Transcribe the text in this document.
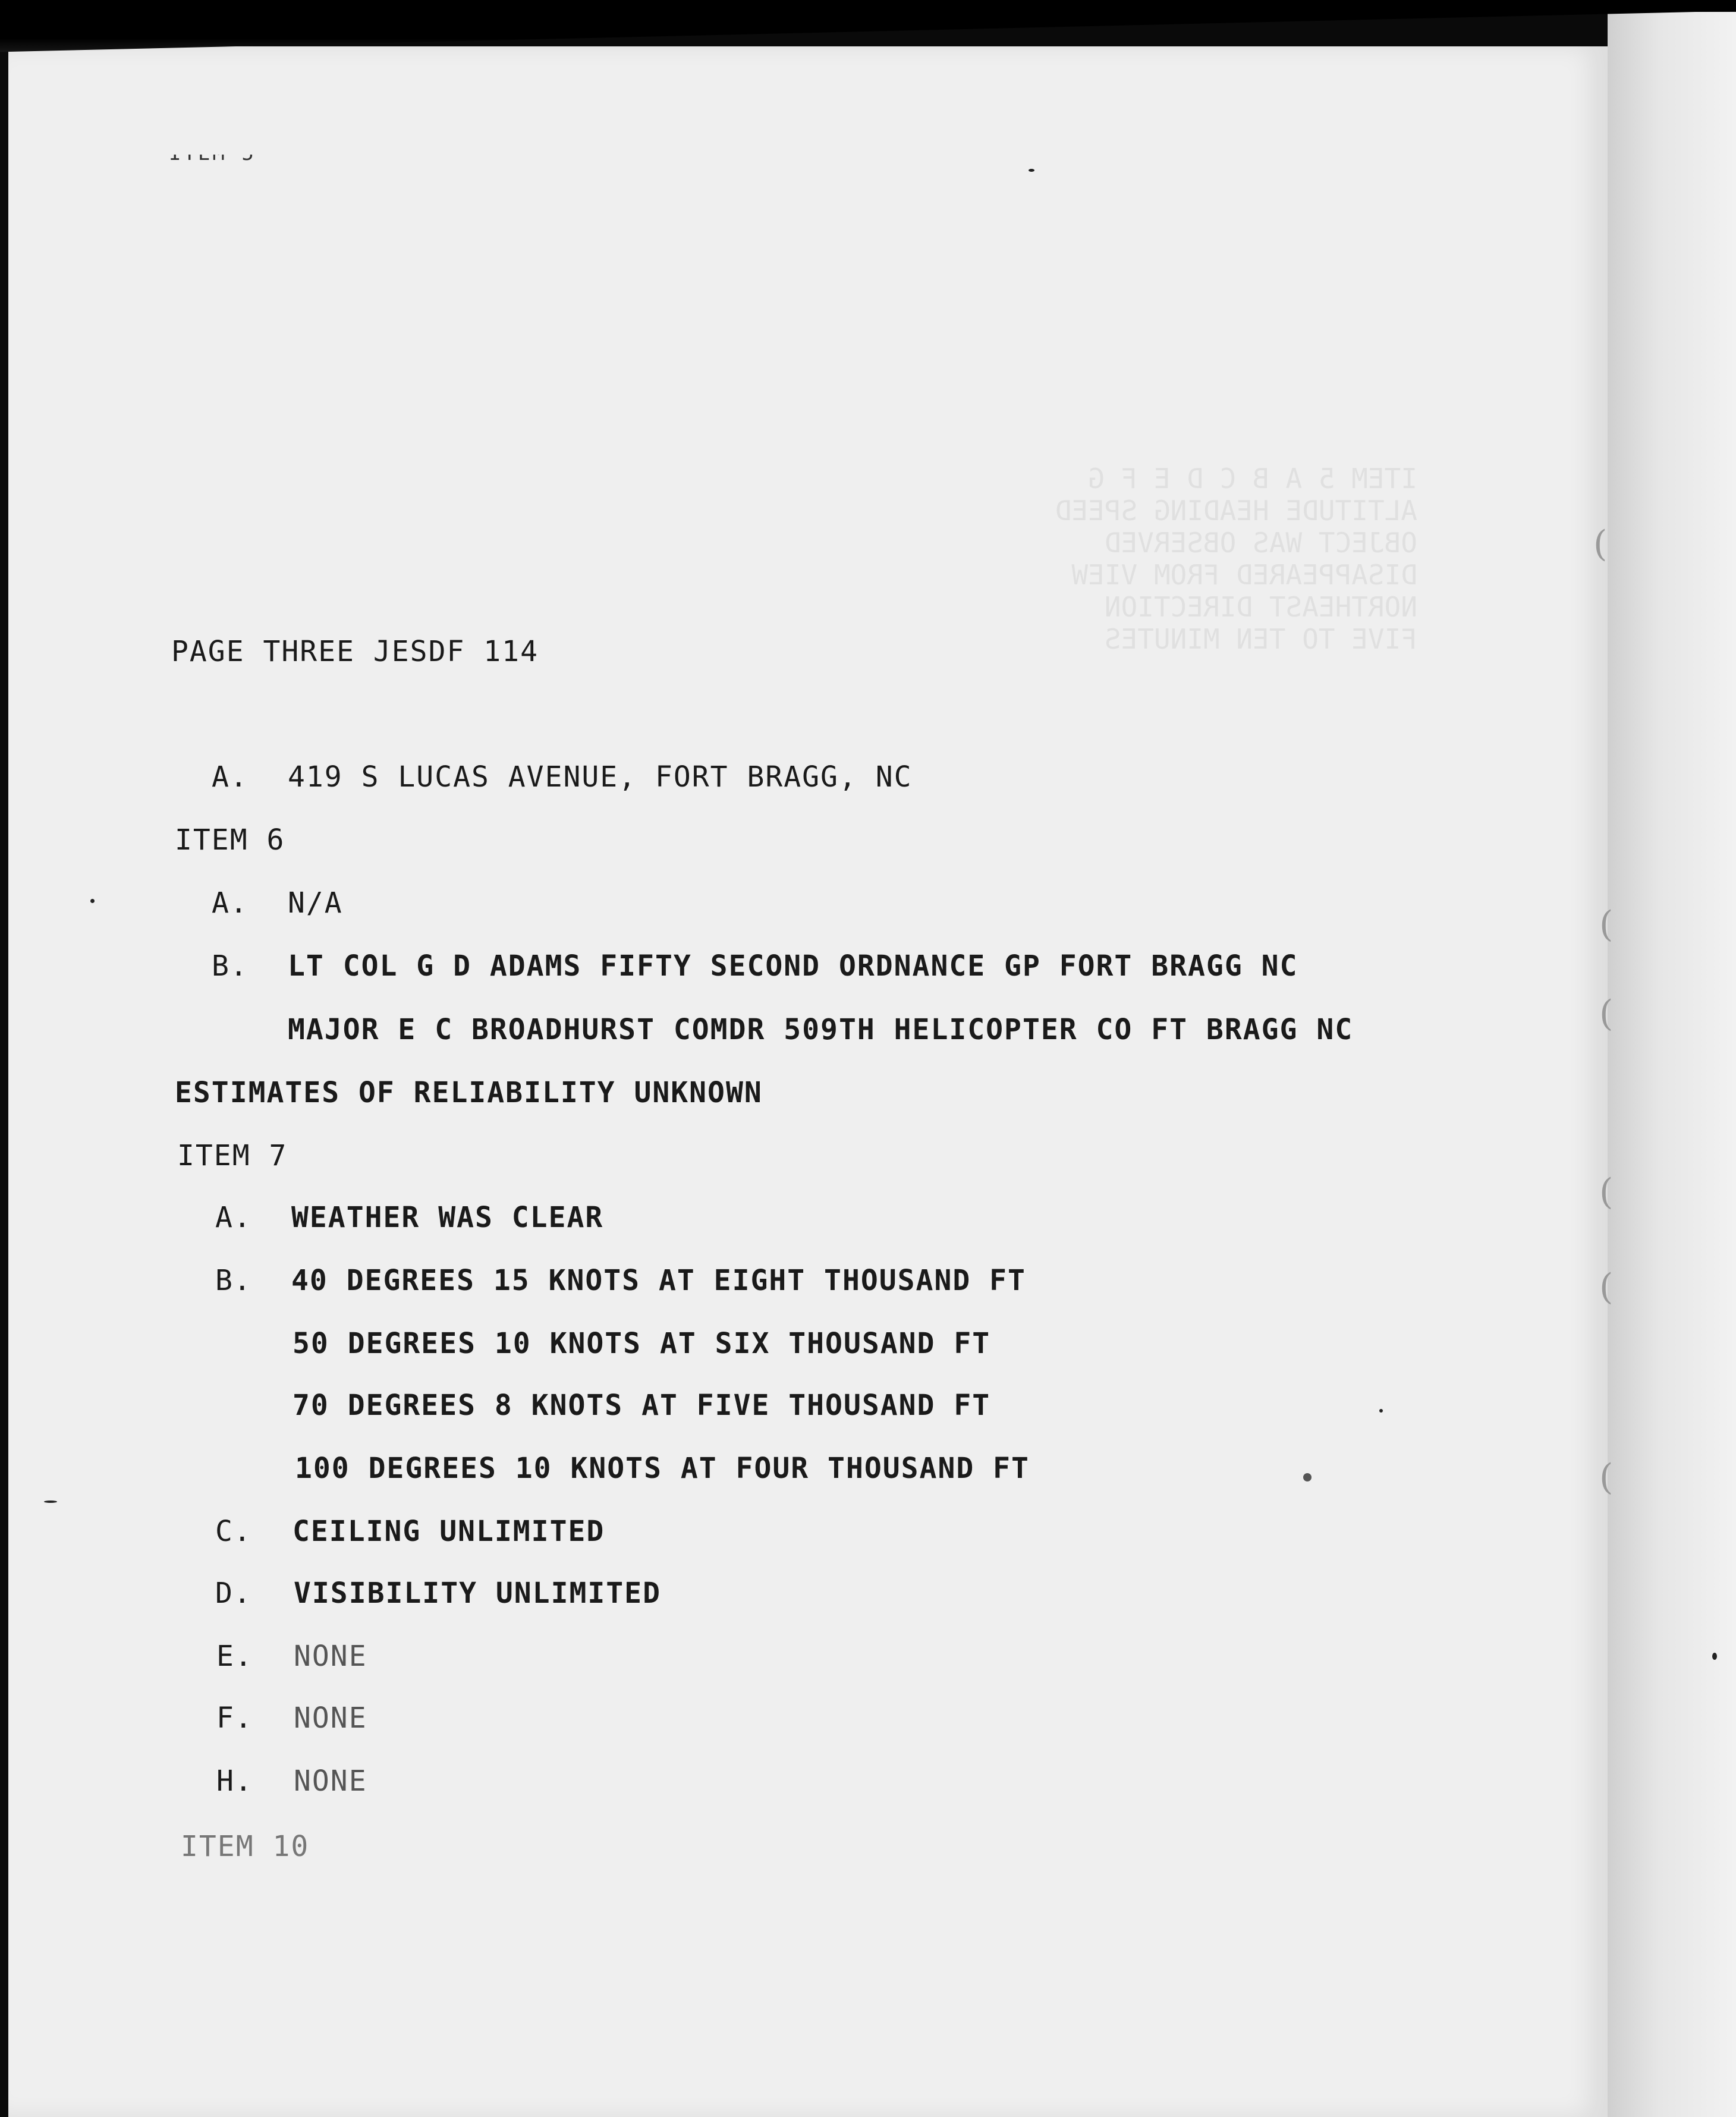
ITEM 5 A B C D E F G
ALTITUDE HEADING SPEED
OBJECT WAS OBSERVED
DISAPPEARED FROM VIEW
NORTHEAST DIRECTION
FIVE TO TEN MINUTES
PAGE THREE JESDF 114
A. 419 S LUCAS AVENUE, FORT BRAGG, NC
ITEM 6
A. N/A
B. LT COL G D ADAMS FIFTY SECOND ORDNANCE GP FORT BRAGG NC
MAJOR E C BROADHURST COMDR 509TH HELICOPTER CO FT BRAGG NC
ESTIMATES OF RELIABILITY UNKNOWN
ITEM 7
A. WEATHER WAS CLEAR
B. 40 DEGREES 15 KNOTS AT EIGHT THOUSAND FT
50 DEGREES 10 KNOTS AT SIX THOUSAND FT
70 DEGREES 8 KNOTS AT FIVE THOUSAND FT
100 DEGREES 10 KNOTS AT FOUR THOUSAND FT
C. CEILING UNLIMITED
D. VISIBILITY UNLIMITED
E. NONE
F. NONE
H. NONE
ITEM 10
(
(
(
(
(
(
